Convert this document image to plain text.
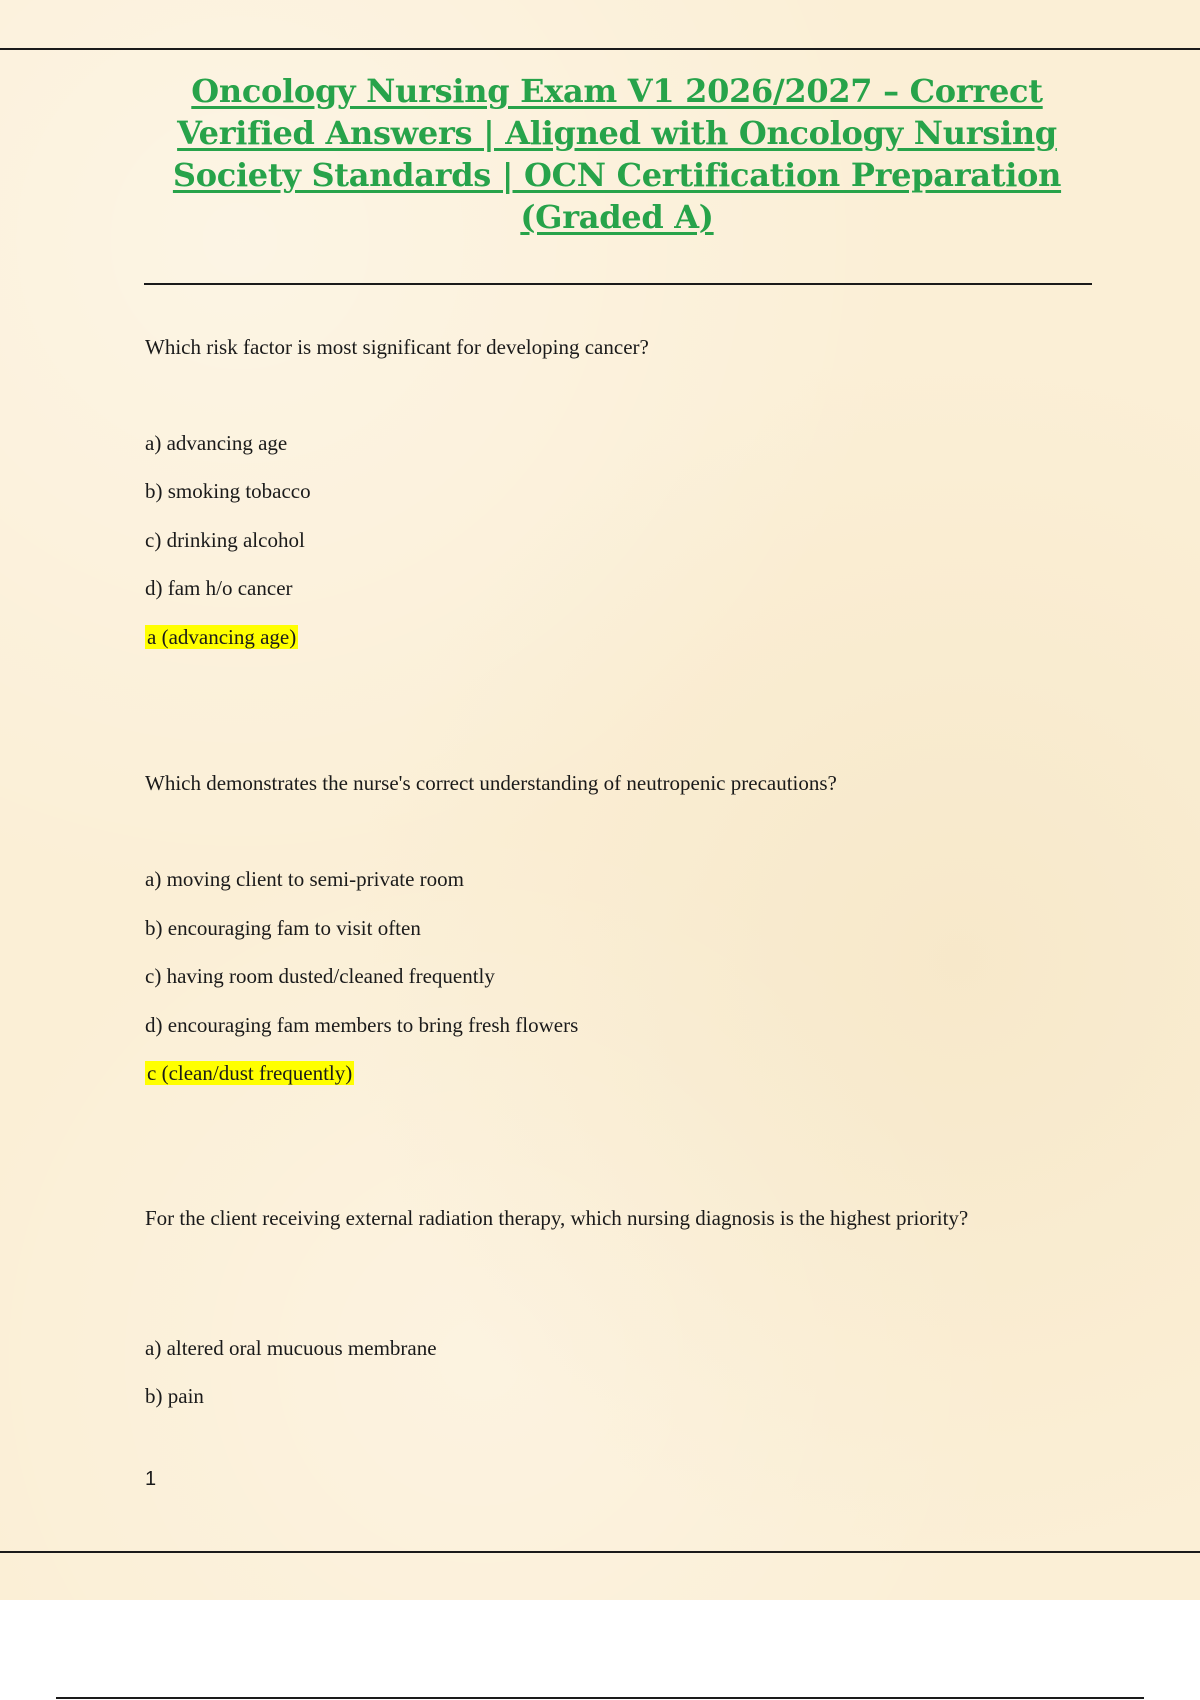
Oncology Nursing Exam V1 2026/2027 – Correct Verified Answers | Aligned with Oncology Nursing Society Standards | OCN Certification Preparation (Graded A)
Which risk factor is most significant for developing cancer?
a) advancing age
b) smoking tobacco
c) drinking alcohol
d) fam h/o cancer
a (advancing age)
Which demonstrates the nurse's correct understanding of neutropenic precautions?
a) moving client to semi-private room
b) encouraging fam to visit often
c) having room dusted/cleaned frequently
d) encouraging fam members to bring fresh flowers
c (clean/dust frequently)
For the client receiving external radiation therapy, which nursing diagnosis is the highest priority?
a) altered oral mucuous membrane
b) pain
1
